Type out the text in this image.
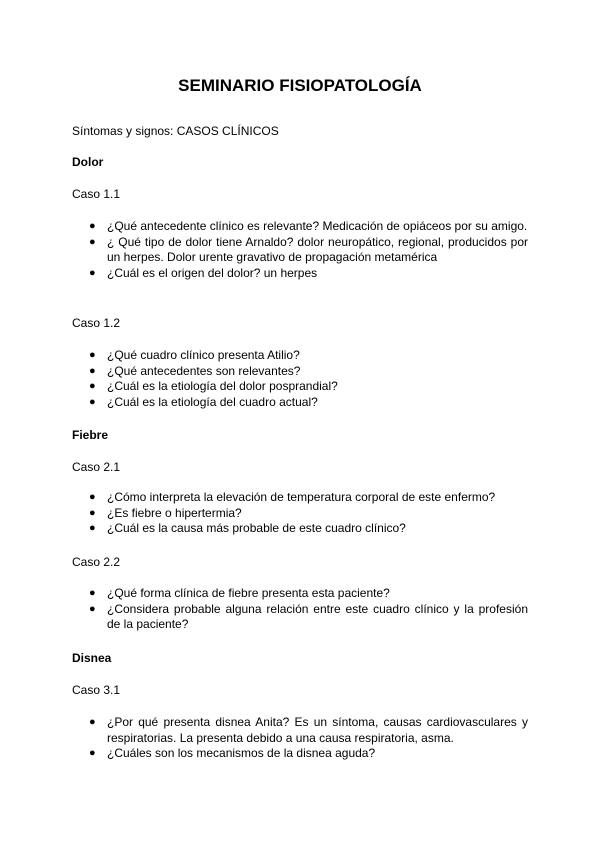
SEMINARIO FISIOPATOLOGÍA

Síntomas y signos: CASOS CLÍNICOS

Dolor

Caso 1.1

● ¿Qué antecedente clínico es relevante? Medicación de opiáceos por su amigo.
● ¿ Qué tipo de dolor tiene Arnaldo? dolor neuropático, regional, producidos por un herpes. Dolor urente gravativo de propagación metamérica
● ¿Cuál es el origen del dolor? un herpes

Caso 1.2

● ¿Qué cuadro clínico presenta Atilio?
● ¿Qué antecedentes son relevantes?
● ¿Cuál es la etiología del dolor posprandial?
● ¿Cuál es la etiología del cuadro actual?

Fiebre

Caso 2.1

● ¿Cómo interpreta la elevación de temperatura corporal de este enfermo?
● ¿Es fiebre o hipertermia?
● ¿Cuál es la causa más probable de este cuadro clínico?

Caso 2.2

● ¿Qué forma clínica de fiebre presenta esta paciente?
● ¿Considera probable alguna relación entre este cuadro clínico y la profesión de la paciente?

Disnea

Caso 3.1

● ¿Por qué presenta disnea Anita? Es un síntoma, causas cardiovasculares y respiratorias. La presenta debido a una causa respiratoria, asma.
● ¿Cuáles son los mecanismos de la disnea aguda?
